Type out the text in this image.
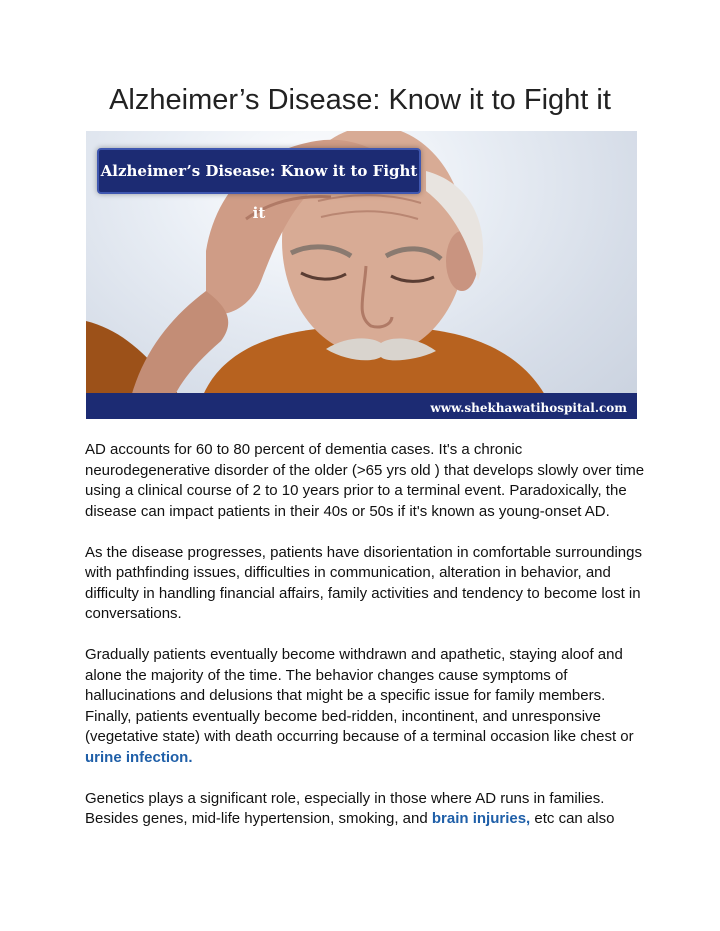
Alzheimer’s Disease: Know it to Fight it
Alzheimer’s Disease: Know it to Fight it
www.shekhawatihospital.com

AD accounts for 60 to 80 percent of dementia cases. It's a chronic neurodegenerative disorder of the older (>65 yrs old ) that develops slowly over time using a clinical course of 2 to 10 years prior to a terminal event. Paradoxically, the disease can impact patients in their 40s or 50s if it's known as young-onset AD.

As the disease progresses, patients have disorientation in comfortable surroundings with pathfinding issues, difficulties in communication, alteration in behavior, and difficulty in handling financial affairs, family activities and tendency to become lost in conversations.

Gradually patients eventually become withdrawn and apathetic, staying aloof and alone the majority of the time. The behavior changes cause symptoms of hallucinations and delusions that might be a specific issue for family members. Finally, patients eventually become bed-ridden, incontinent, and unresponsive (vegetative state) with death occurring because of a terminal occasion like chest or urine infection.

Genetics plays a significant role, especially in those where AD runs in families. Besides genes, mid-life hypertension, smoking, and brain injuries, etc can also
